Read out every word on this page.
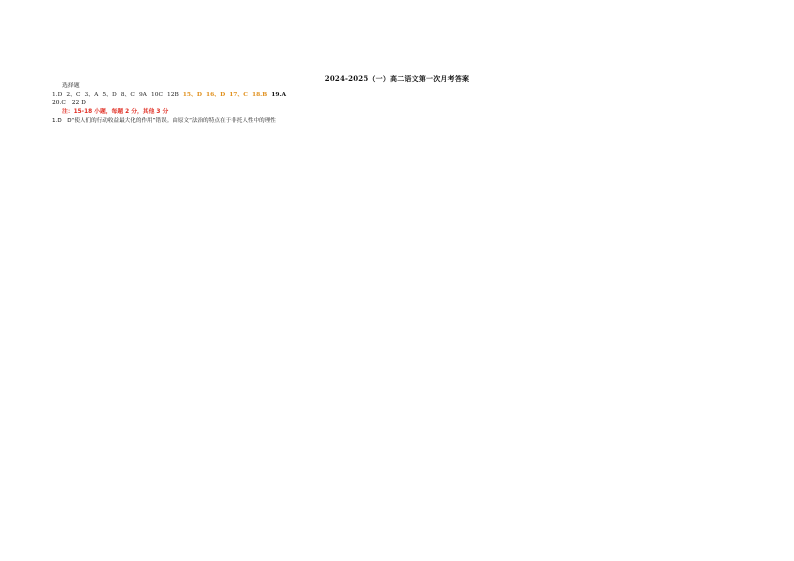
2024-2025（一）高二语文第一次月考答案
选择题
1.D 2、C 3、A 5、D 8、C 9A 10C 12B 15、D 16、D 17、C 18.B 19.A
20.C　22 D
注：15-18 小题，每题 2 分，其他 3 分
1.D　D“使人们的行动收益最大化的作用”错误。由原文“法治的特点在于非托人性中的理性
